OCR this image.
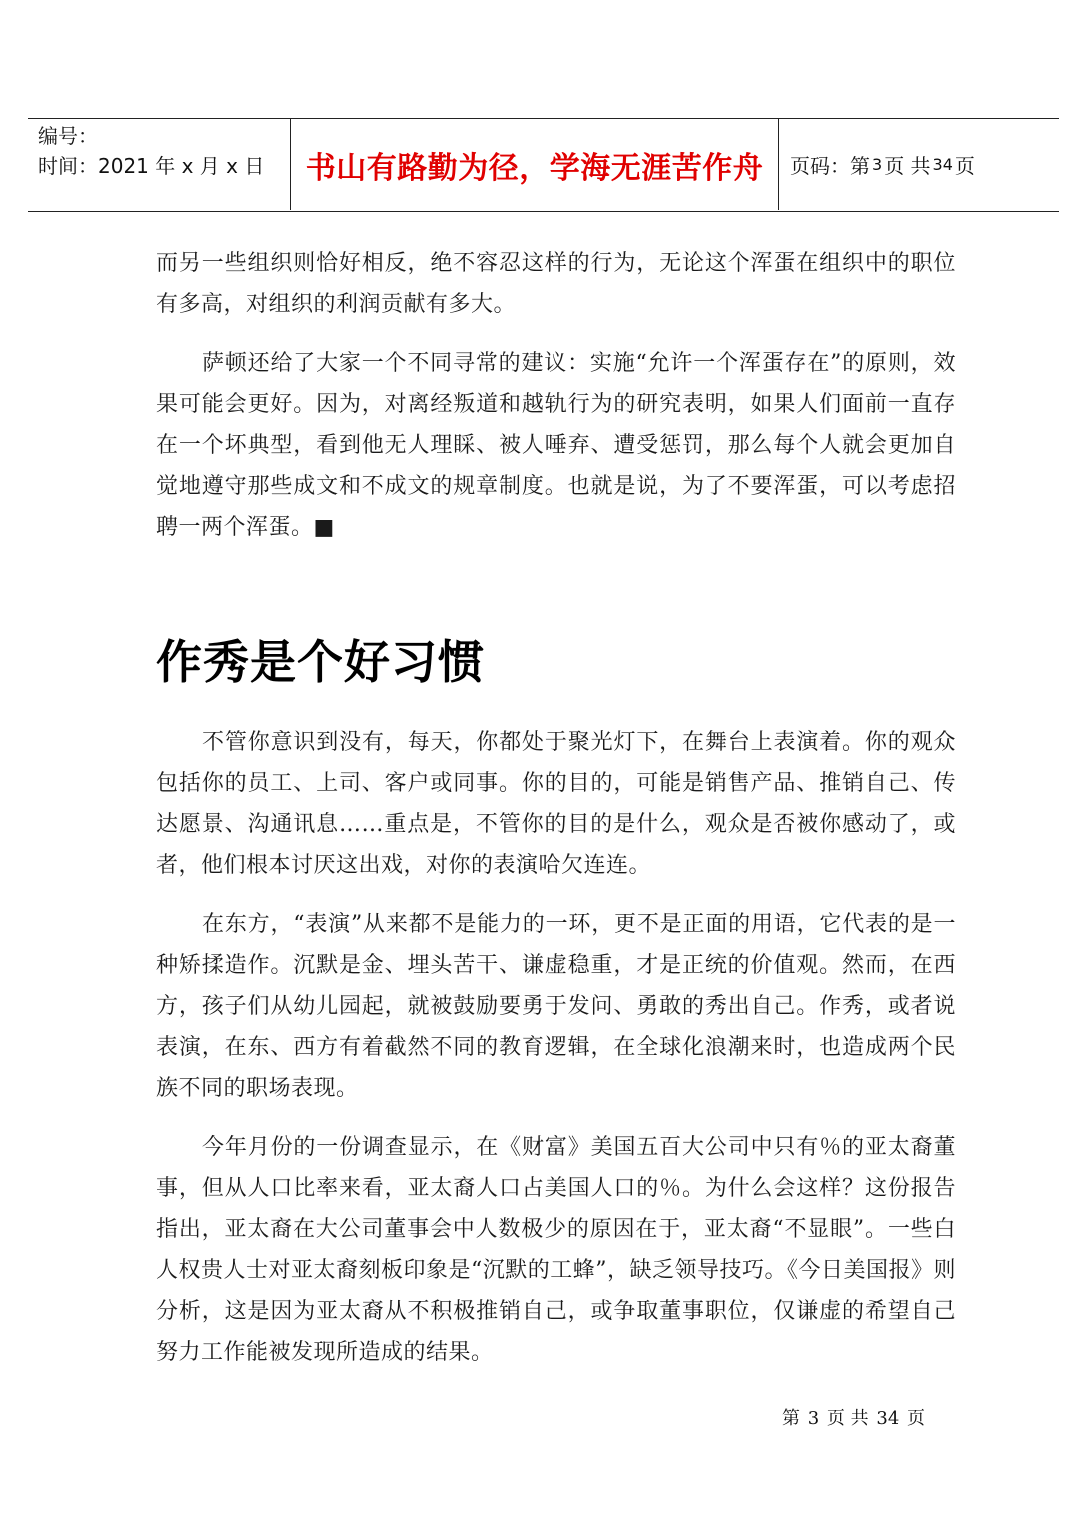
编号：
时间：2021 年 x 月 x 日	书山有路勤为径，学海无涯苦作舟 页码：第 3 页 共 34 页

而另一些组织则恰好相反，绝不容忍这样的行为，无论这个浑蛋在组织中的职位有多高，对组织的利润贡献有多大。

萨顿还给了大家一个不同寻常的建议：实施“允许一个浑蛋存在”的原则，效果可能会更好。因为，对离经叛道和越轨行为的研究表明，如果人们面前一直存在一个坏典型，看到他无人理睬、被人唾弃、遭受惩罚，那么每个人就会更加自觉地遵守那些成文和不成文的规章制度。也就是说，为了不要浑蛋，可以考虑招聘一两个浑蛋。■

作秀是个好习惯

不管你意识到没有，每天，你都处于聚光灯下，在舞台上表演着。你的观众包括你的员工、上司、客户或同事。你的目的，可能是销售产品、推销自己、传达愿景、沟通讯息……重点是，不管你的目的是什么，观众是否被你感动了，或者，他们根本讨厌这出戏，对你的表演哈欠连连。

在东方，“表演”从来都不是能力的一环，更不是正面的用语，它代表的是一种矫揉造作。沉默是金、埋头苦干、谦虚稳重，才是正统的价值观。然而，在西方，孩子们从幼儿园起，就被鼓励要勇于发问、勇敢的秀出自己。作秀，或者说表演，在东、西方有着截然不同的教育逻辑，在全球化浪潮来时，也造成两个民族不同的职场表现。

今年月份的一份调查显示，在《财富》美国五百大公司中只有％的亚太裔董事，但从人口比率来看，亚太裔人口占美国人口的％。为什么会这样？这份报告指出，亚太裔在大公司董事会中人数极少的原因在于，亚太裔“不显眼”。一些白人权贵人士对亚太裔刻板印象是“沉默的工蜂”，缺乏领导技巧。《今日美国报》则分析，这是因为亚太裔从不积极推销自己，或争取董事职位，仅谦虚的希望自己努力工作能被发现所造成的结果。

第 3 页 共 34 页
